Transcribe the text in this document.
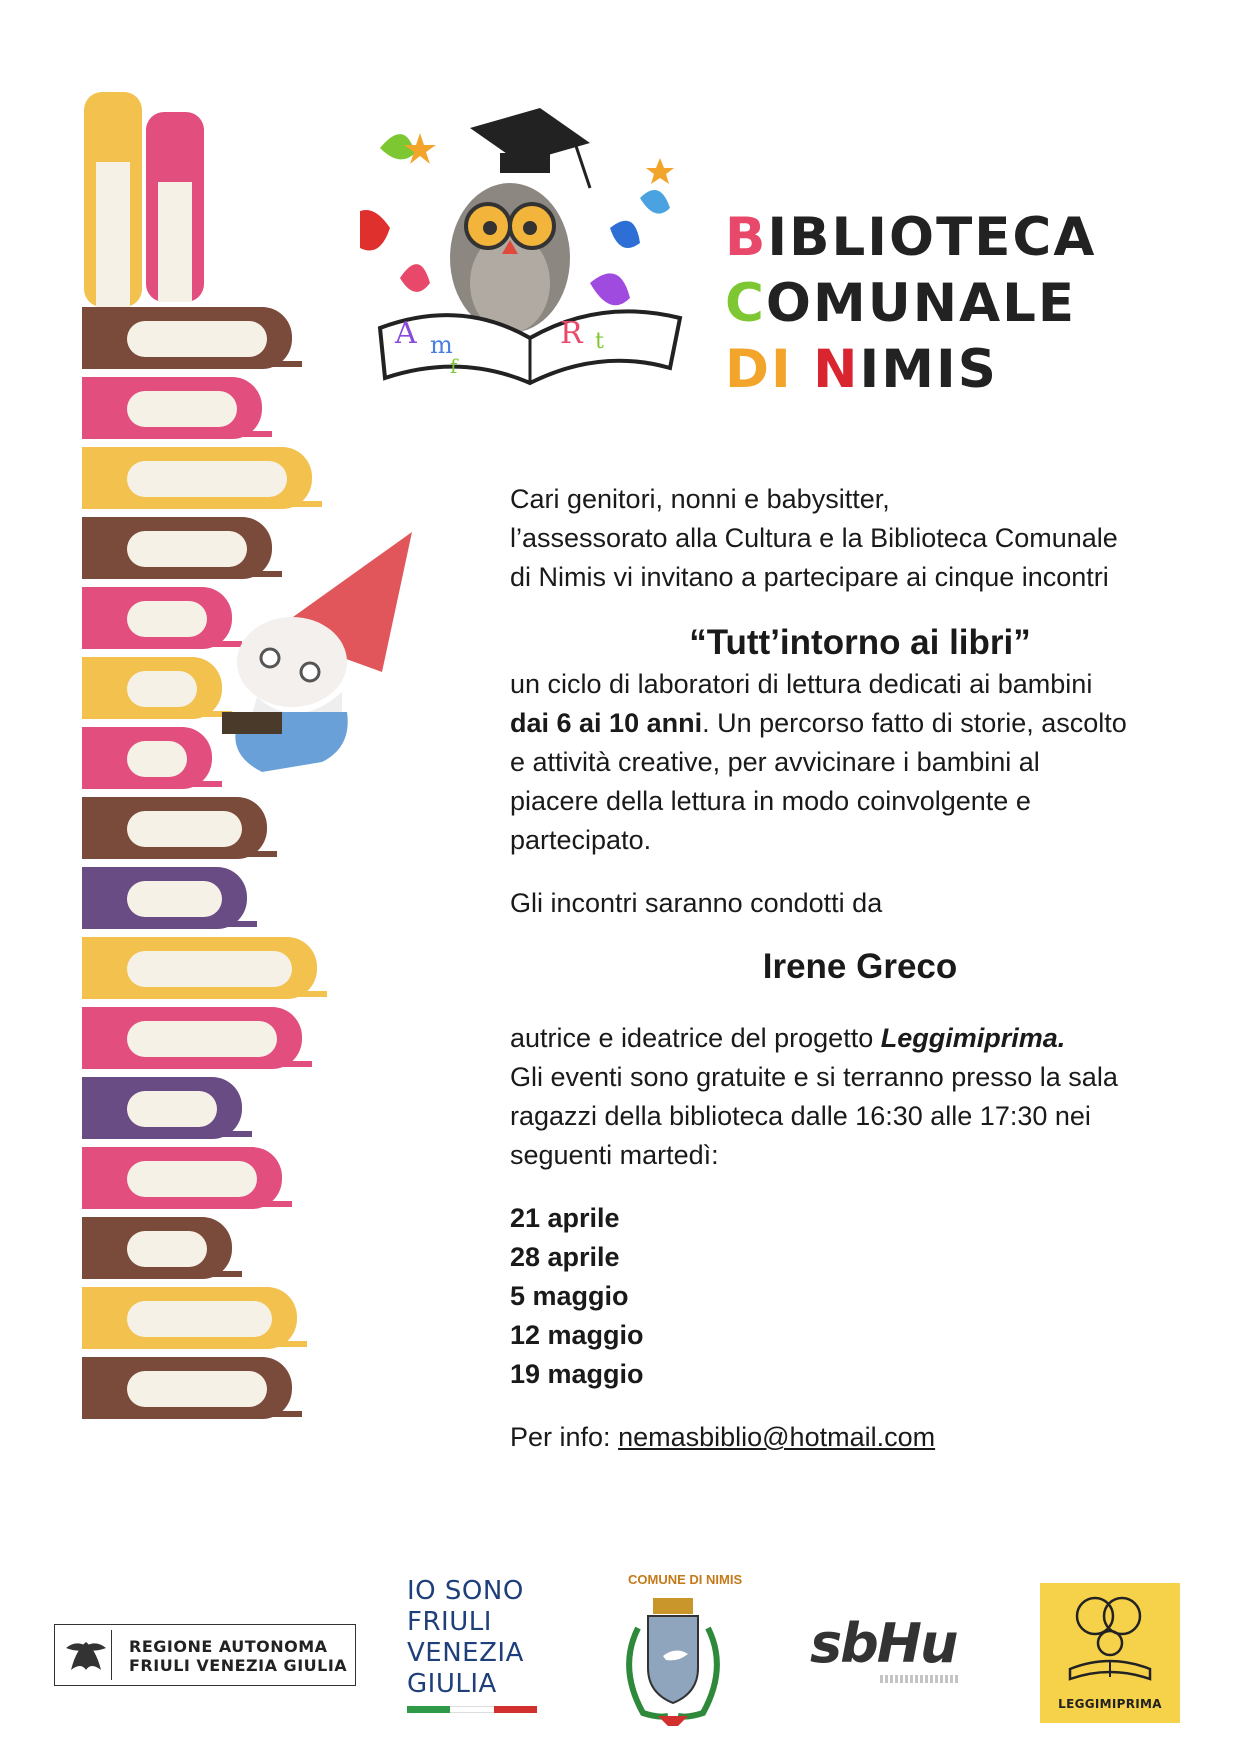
A m
f
R t
BIBLIOTECA
COMUNALE
DI NIMIS

Cari genitori, nonni e babysitter,

l’assessorato alla Cultura e la Biblioteca Comunale

di Nimis vi invitano a partecipare ai cinque incontri

“Tutt’intorno ai libri”

un ciclo di laboratori di lettura dedicati ai bambini

dai 6 ai 10 anni. Un percorso fatto di storie, ascolto

e attività creative, per avvicinare i bambini al

piacere della lettura in modo coinvolgente e

partecipato.

Gli incontri saranno condotti da

Irene Greco

autrice e ideatrice del progetto Leggimiprima.

Gli eventi sono gratuite e si terranno presso la sala

ragazzi della biblioteca dalle 16:30 alle 17:30 nei

seguenti martedì:

21 aprile
28 aprile
5 maggio
12 maggio
19 maggio

Per info: nemasbiblio@hotmail.com

REGIONE AUTONOMA
FRIULI VENEZIA GIULIA
IO SONO
FRIULI
VENEZIA
GIULIA
COMUNE DI NIMIS
sbHu
LEGGIMIPRIMA
